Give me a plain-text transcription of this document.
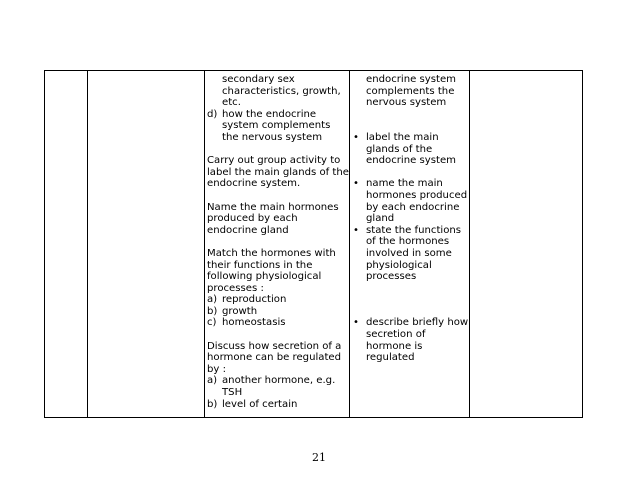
secondary sex
characteristics, growth,
etc.
d) how the endocrine
system complements
the nervous system
Carry out group activity to
label the main glands of the
endocrine system.
Name the main hormones
produced by each
endocrine gland
Match the hormones with
their functions in the
following physiological
processes :
a) reproduction
b) growth
c) homeostasis
Discuss how secretion of a
hormone can be regulated
by :
a) another hormone, e.g.
TSH
b) level of certain
endocrine system
complements the
nervous system
• label the main
glands of the
endocrine system
• name the main
hormones produced
by each endocrine
gland
• state the functions
of the hormones
involved in some
physiological
processes
• describe briefly how
secretion of
hormone is
regulated
21
